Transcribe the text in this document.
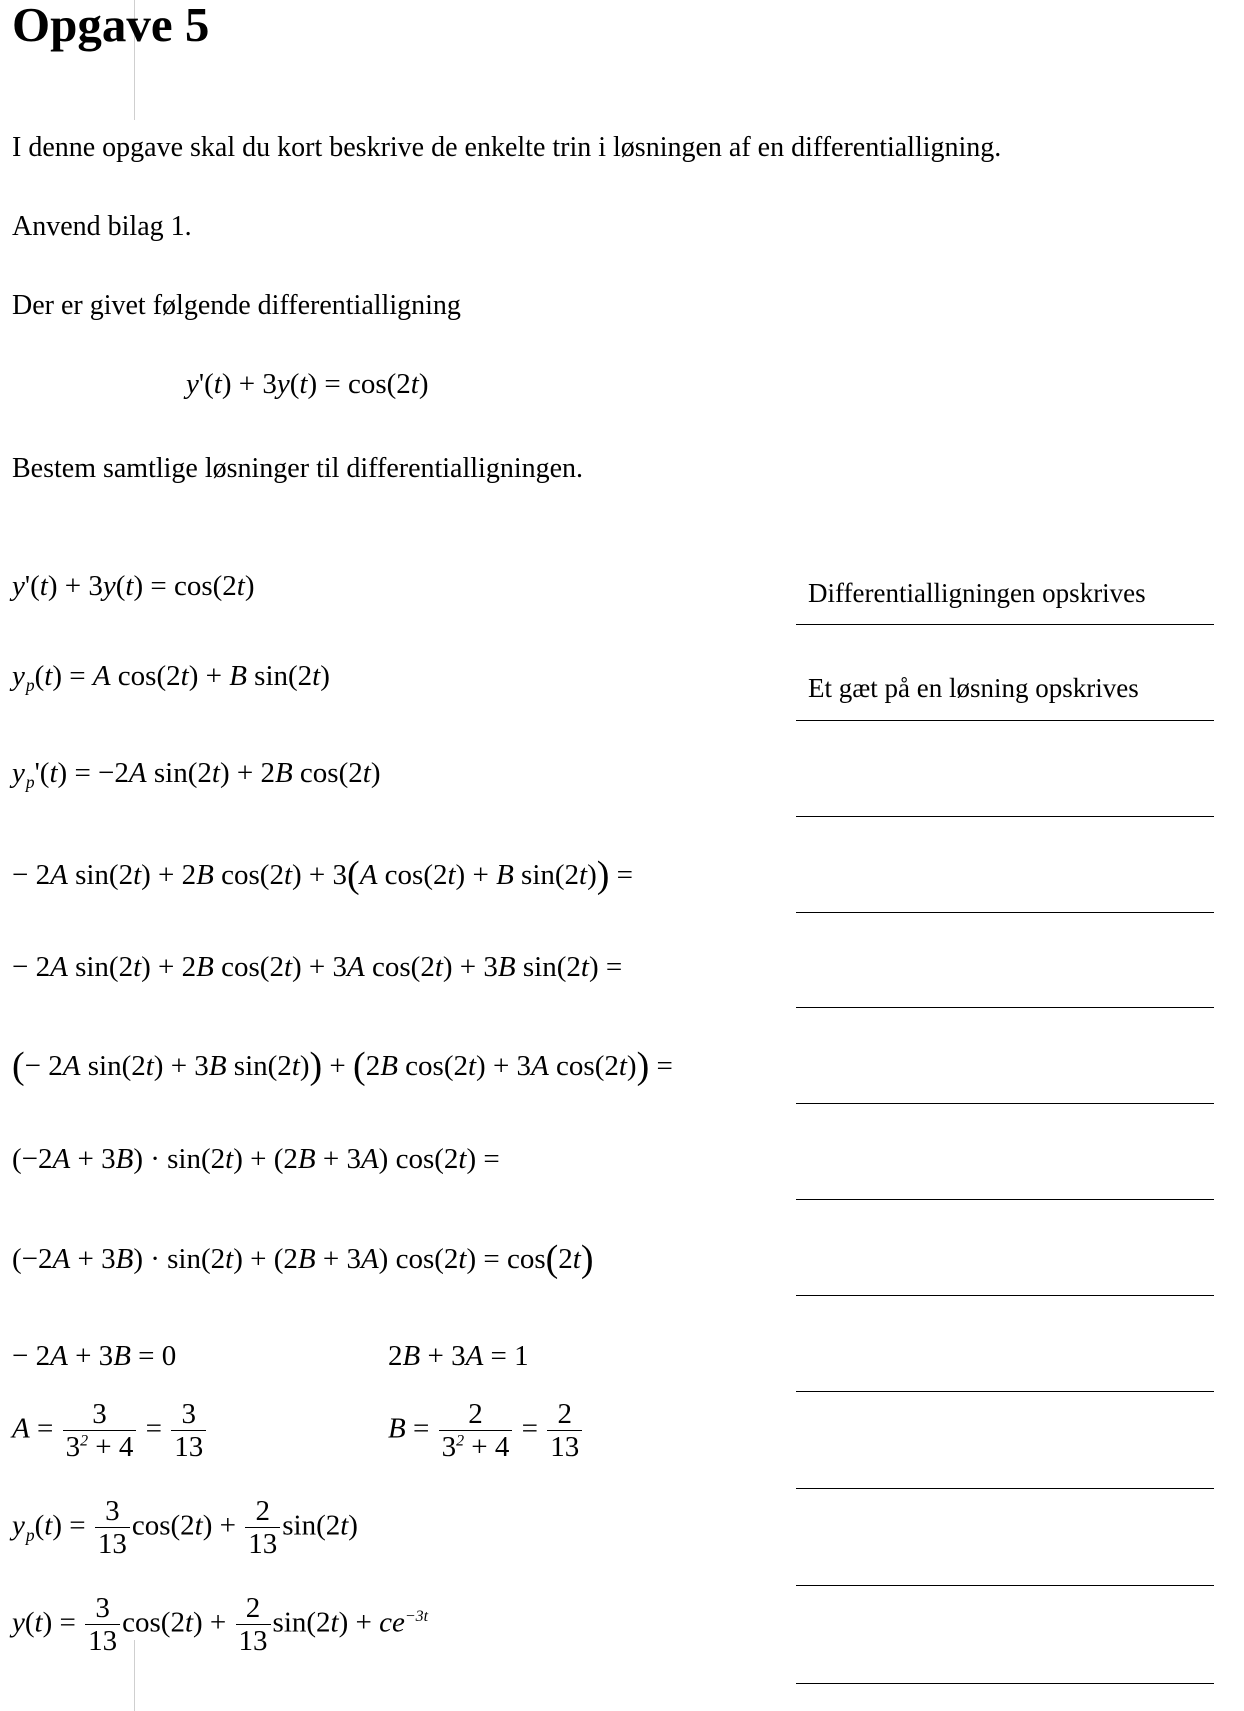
Opgave 5
I denne opgave skal du kort beskrive de enkelte trin i løsningen af en differentialligning.
Anvend bilag 1.
Der er givet følgende differentialligning
y'(t) + 3y(t) = cos(2t)
Bestem samtlige løsninger til differentialligningen.
y'(t) + 3y(t) = cos(2t)	Differentialligningen opskrives
$y_p(t) = A$ cos(2t) + B sin(2t)	Et gæt på en løsning opskrives
$y_p'(t) = -2A$ sin(2t) + 2B cos(2t)
− 2A sin(2t) + 2B cos(2t) + 3(A cos(2t) + B sin(2t)) =
− 2A sin(2t) + 2B cos(2t) + 3A cos(2t) + 3B sin(2t) =
(− 2A sin(2t) + 3B sin(2t)) + (2B cos(2t) + 3A cos(2t)) =
(−2A + 3B) · sin(2t) + (2B + 3A) cos(2t) =
(−2A + 3B) · sin(2t) + (2B + 3A) cos(2t) = cos(2t)
− 2A + 3B = 0	2B + 3A = 1
$A = \frac{3}{3^2 + 4} = \frac{3}{13}$	$B = \frac{2}{3^2 + 4} = \frac{2}{13}$
$y_p(t) = \frac{3}{13} \cos(2t) + \frac{2}{13} \sin(2t)$
$y(t) = \frac{3}{13} \cos(2t) + \frac{2}{13} \sin(2t) + ce^{-3t}$
